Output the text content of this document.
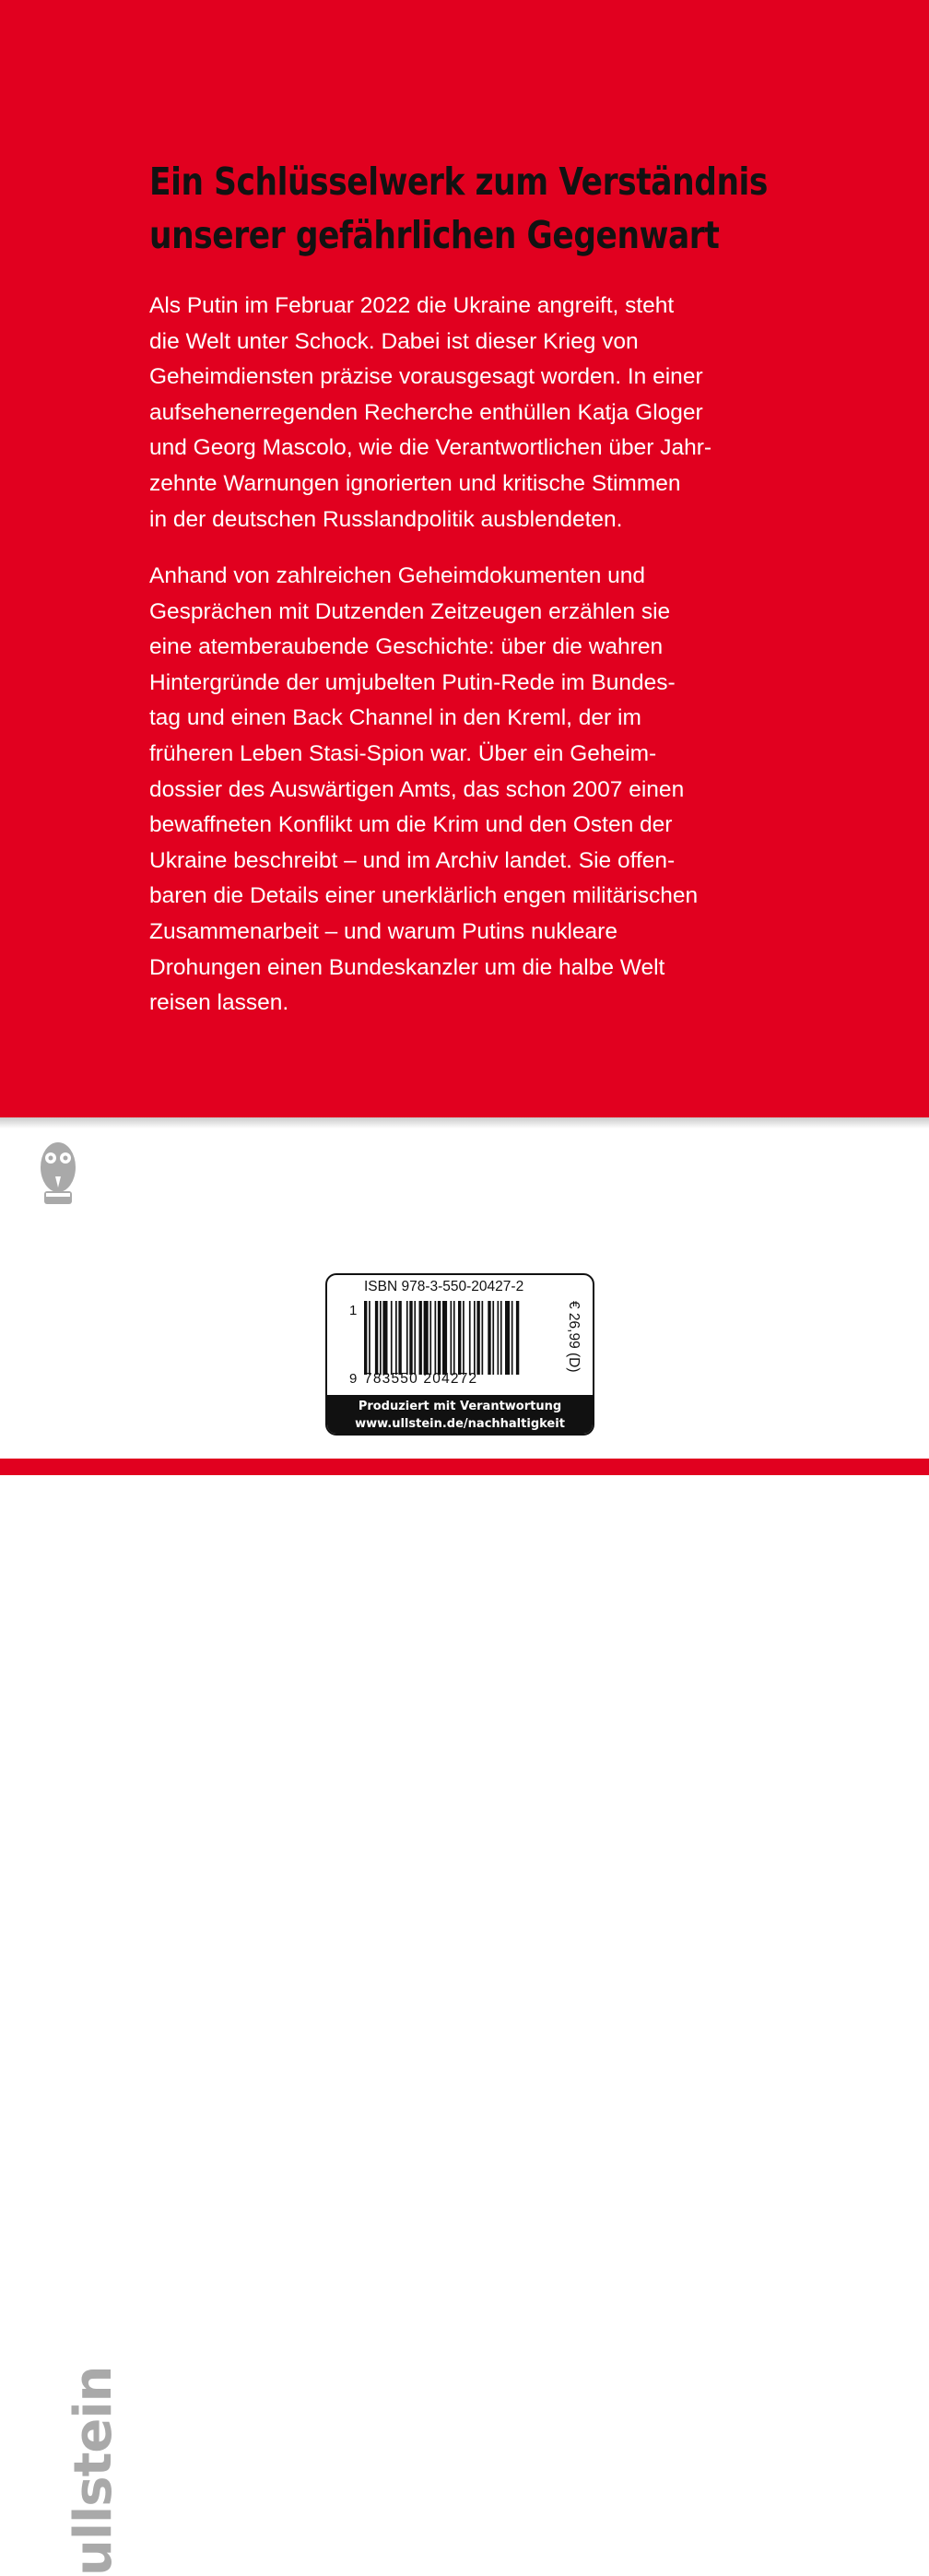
Ein Schlüsselwerk zum Verständnis
unserer gefährlichen Gegenwart

Als Putin im Februar 2022 die Ukraine angreift, steht
die Welt unter Schock. Dabei ist dieser Krieg von
Geheimdiensten präzise vorausgesagt worden. In einer
aufsehenerregenden Recherche enthüllen Katja Gloger
und Georg Mascolo, wie die Verantwortlichen über Jahr-
zehnte Warnungen ignorierten und kritische Stimmen
in der deutschen Russlandpolitik ausblendeten.

Anhand von zahlreichen Geheimdokumenten und
Gesprächen mit Dutzenden Zeitzeugen erzählen sie
eine atemberaubende Geschichte: über die wahren
Hintergründe der umjubelten Putin-Rede im Bundes-
tag und einen Back Channel in den Kreml, der im
früheren Leben Stasi-Spion war. Über ein Geheim-
dossier des Auswärtigen Amts, das schon 2007 einen
bewaffneten Konflikt um die Krim und den Osten der
Ukraine beschreibt – und im Archiv landet. Sie offen-
baren die Details einer unerklärlich engen militärischen
Zusammenarbeit – und warum Putins nukleare
Drohungen einen Bundeskanzler um die halbe Welt
reisen lassen.

ullstein
ISBN 978-3-550-20427-2
1
9 783550 204272
€ 26,99 (D)
Produziert mit Verantwortung
www.ullstein.de/nachhaltigkeit
